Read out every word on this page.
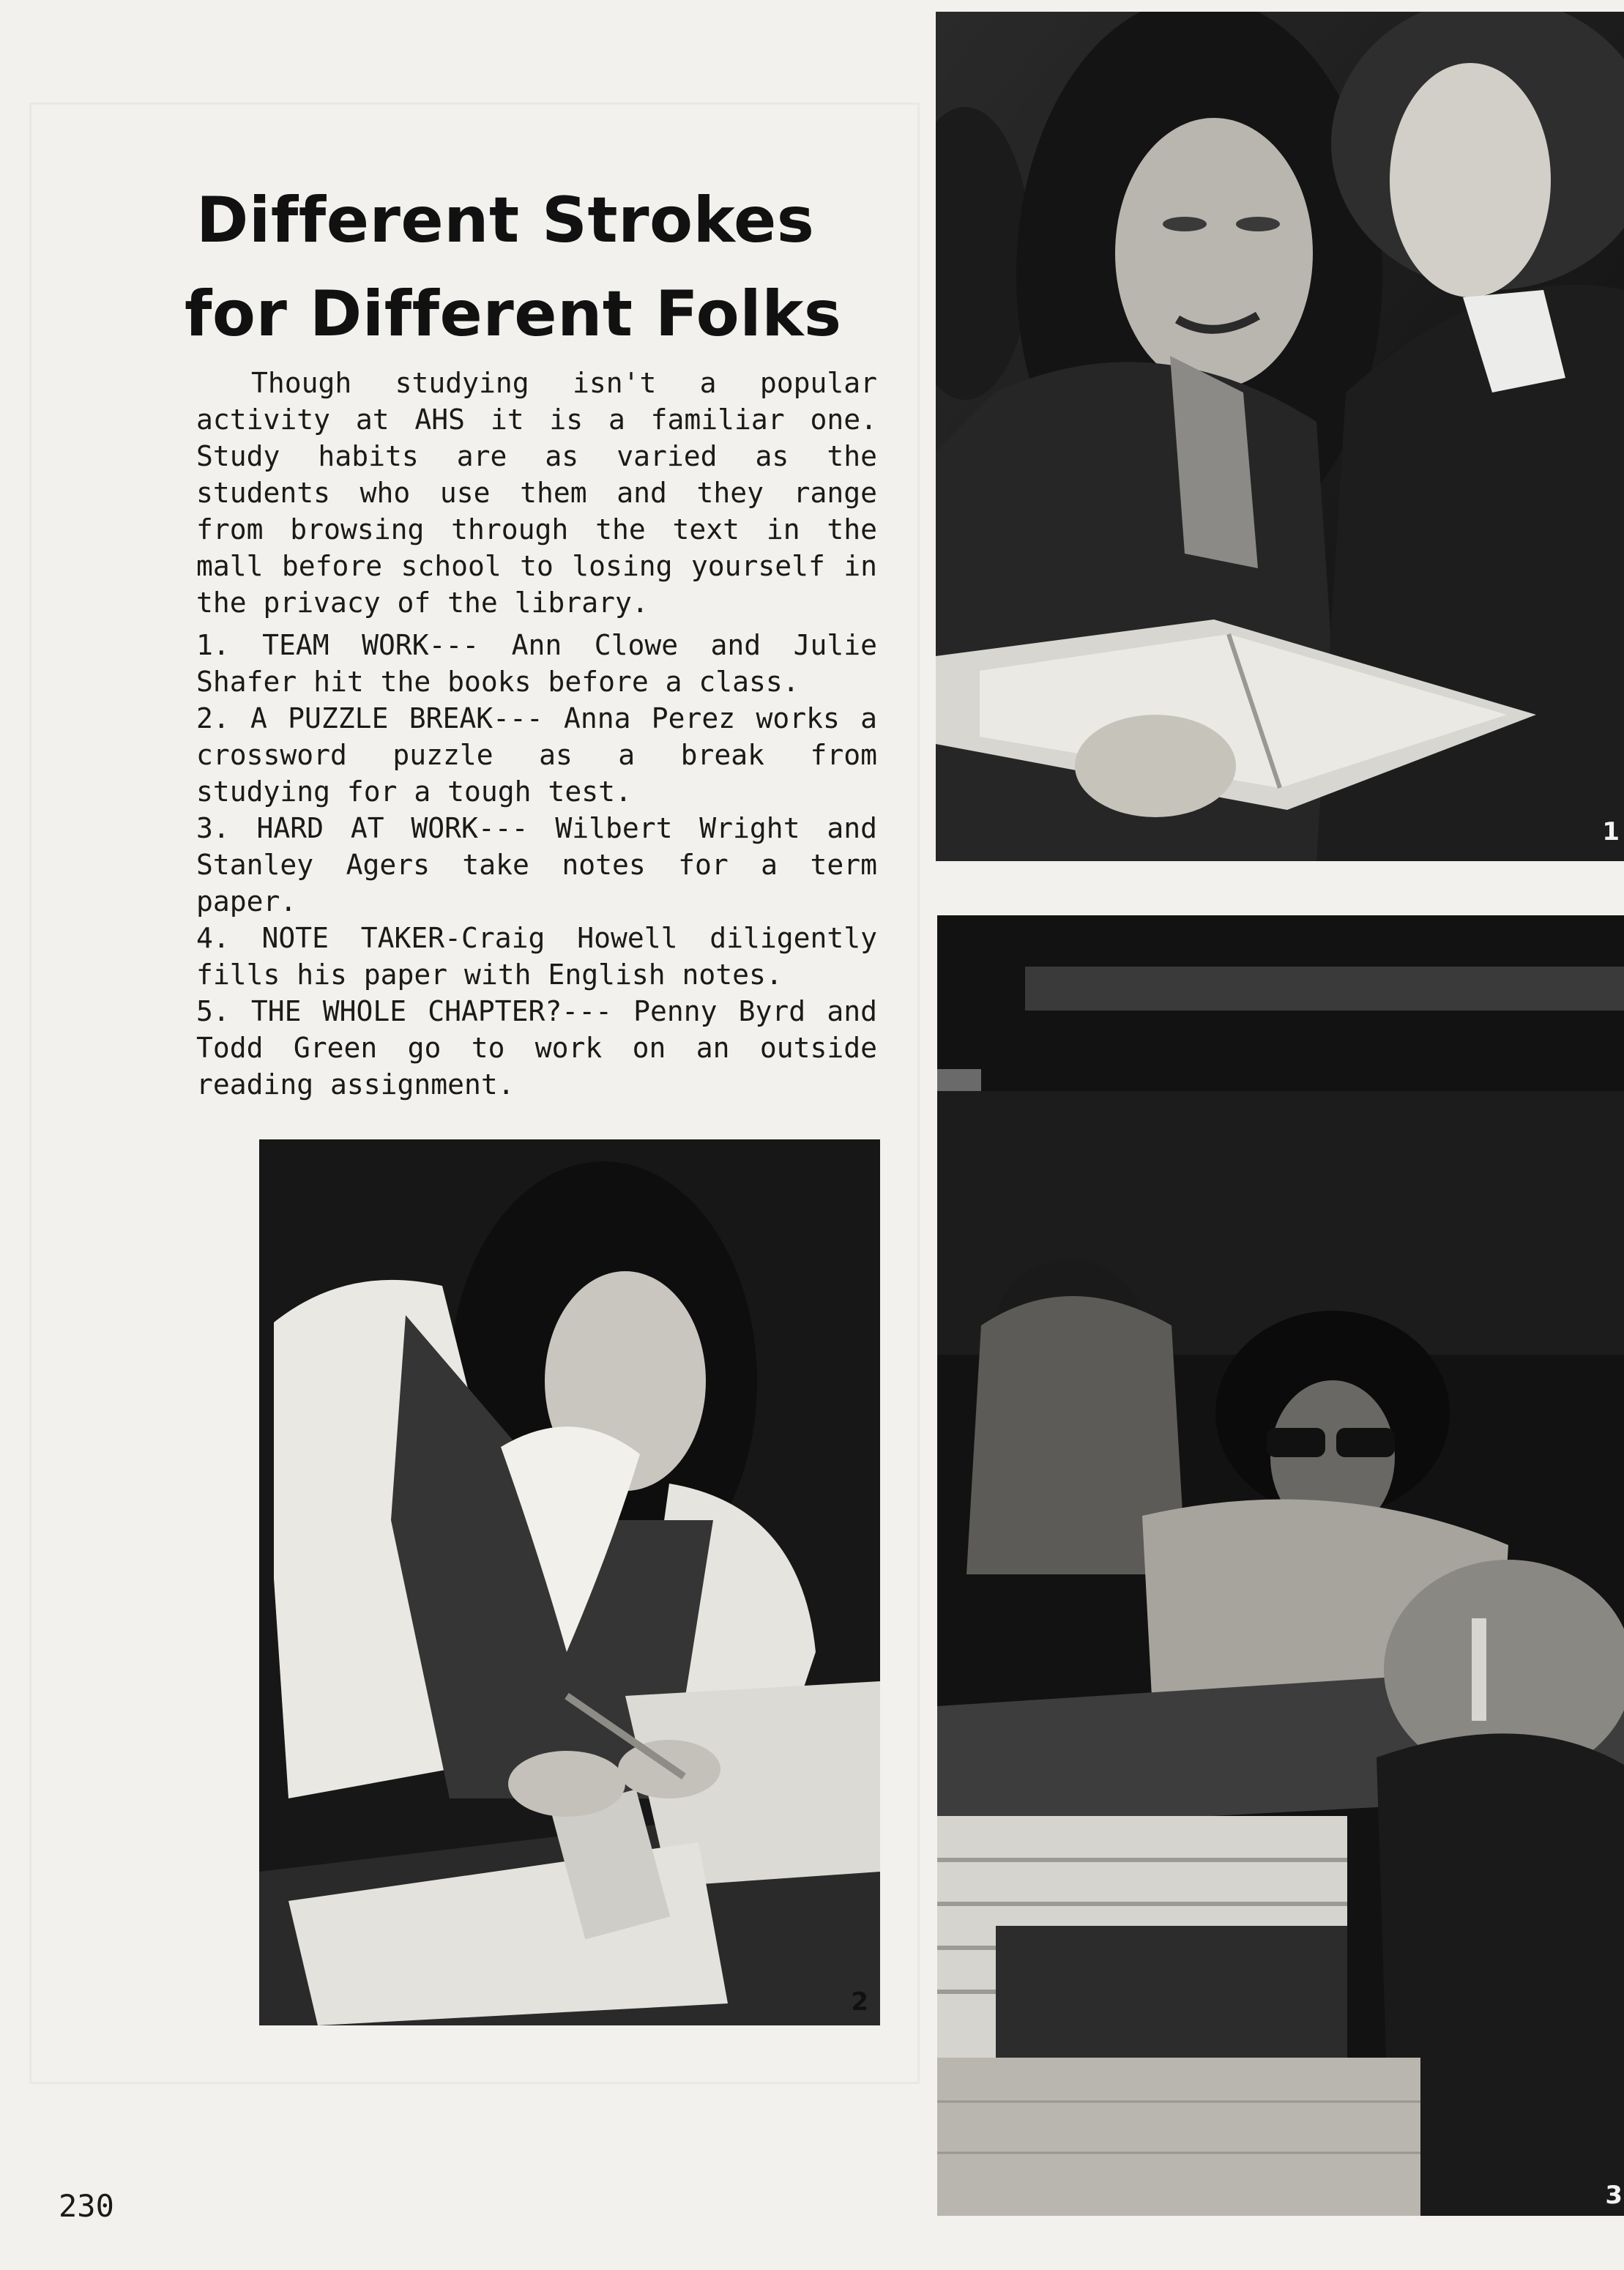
Different Strokes
for Different Folks
Though studying isn't a popular activity at AHS it is a familiar one. Study habits are as varied as the students who use them and they range from browsing through the text in the mall before school to losing yourself in the privacy of the library.

1. TEAM WORK--- Ann Clowe and Julie Shafer hit the books before a class.

2. A PUZZLE BREAK--- Anna Perez works a crossword puzzle as a break from studying for a tough test.

3. HARD AT WORK--- Wilbert Wright and Stanley Agers take notes for a term paper.

4. NOTE TAKER-Craig Howell diligently fills his paper with English notes.

5. THE WHOLE CHAPTER?--- Penny Byrd and Todd Green go to work on an outside reading assignment.

1
2
3
230
